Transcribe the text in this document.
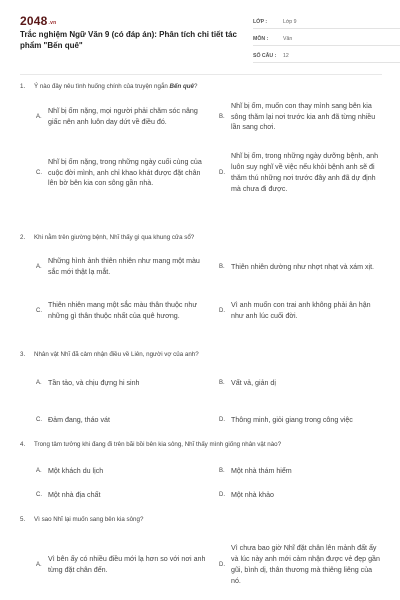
2048.vn
Trắc nghiệm Ngữ Văn 9 (có đáp án): Phân tích chi tiết tác phẩm "Bến quê"
LỚP :	Lớp 9
MÔN :	Văn
SỐ CÂU :	12
1.	Ý nào đây nêu tình huống chính của truyện ngắn Bến quê?
A.
Nhĩ bị ốm nặng, mọi người phải chăm sóc nâng giấc nên anh luôn day dứt về điều đó.
B.
Nhĩ bị ốm, muốn con thay mình sang bên kia sông thăm lại nơi trước kia anh đã từng nhiều lần sang chơi.
C.
Nhĩ bị ốm nặng, trong những ngày cuối cùng của cuộc đời mình, anh chỉ khao khát được đặt chân lên bờ bên kia con sông gần nhà.
D.
Nhĩ bị ốm, trong những ngày dưỡng bệnh, anh luôn suy nghĩ về việc nếu khỏi bệnh anh sẽ đi thăm thú những nơi trước đây anh đã dự định mà chưa đi được.
2.	Khi nằm trên giường bệnh, Nhĩ thấy gì qua khung cửa sổ?
A.
Những hình ảnh thiên nhiên như mang một màu sắc mới thật lạ mắt.
B. Thiên nhiên dường như nhợt nhạt và xám xịt.
C.
Thiên nhiên mang một sắc màu thân thuộc như những gì thân thuộc nhất của quê hương.
D.
Vì anh muốn con trai anh không phải ân hận như anh lúc cuối đời.
3.	Nhân vật Nhĩ đã cảm nhận điều về Liên, người vợ của anh?
A. Tần tảo, và chịu đựng hi sinh	B. Vất vả, giản dị
C. Đảm đang, tháo vát	D. Thông minh, giỏi giang trong công việc
4.	Trong tâm tưởng khi đang đi trên bãi bồi bên kia sông, Nhĩ thấy mình giống nhân vật nào?
A. Một khách du lịch	B. Một nhà thám hiểm
C. Một nhà địa chất	D. Một nhà khảo
5.	Vì sao Nhĩ lại muốn sang bên kia sông?
A.
Vì bên ấy có nhiều điều mới lạ hơn so với nơi anh từng đặt chân đến.
D.
Vì chưa bao giờ Nhĩ đặt chân lên mảnh đất ấy và lúc này anh mới cảm nhận được vẻ đẹp gần gũi, bình dị, thân thương mà thiêng liêng của nó.
